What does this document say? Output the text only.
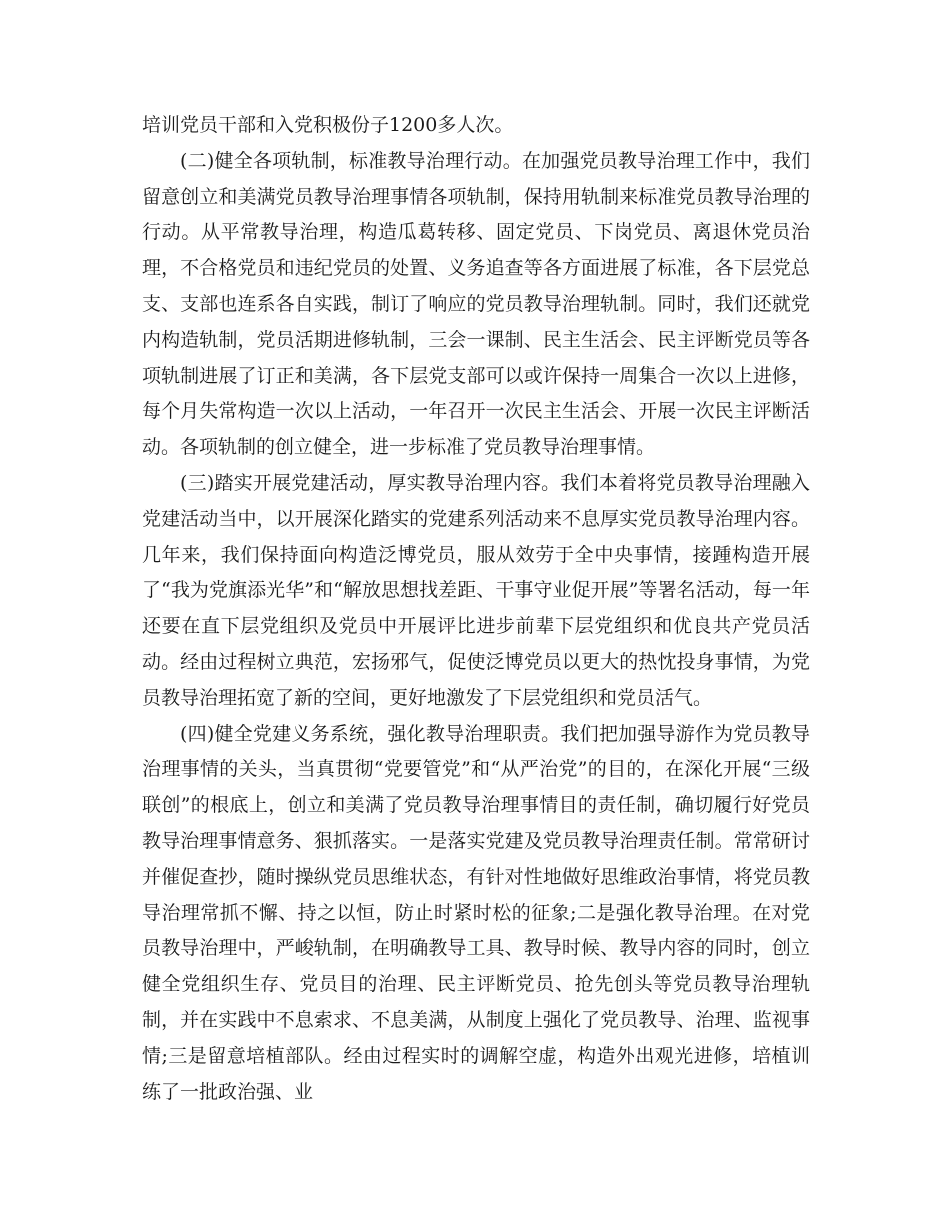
培训党员干部和入党积极份子1200多人次。

(二)健全各项轨制，标准教导治理行动。在加强党员教导治理工作中，我们留意创立和美满党员教导治理事情各项轨制，保持用轨制来标准党员教导治理的行动。从平常教导治理，构造瓜葛转移、固定党员、下岗党员、离退休党员治理，不合格党员和违纪党员的处置、义务追查等各方面进展了标准，各下层党总支、支部也连系各自实践，制订了响应的党员教导治理轨制。同时，我们还就党内构造轨制，党员活期进修轨制，三会一课制、民主生活会、民主评断党员等各项轨制进展了订正和美满，各下层党支部可以或许保持一周集合一次以上进修，每个月失常构造一次以上活动，一年召开一次民主生活会、开展一次民主评断活动。各项轨制的创立健全，进一步标准了党员教导治理事情。

(三)踏实开展党建活动，厚实教导治理内容。我们本着将党员教导治理融入党建活动当中，以开展深化踏实的党建系列活动来不息厚实党员教导治理内容。几年来，我们保持面向构造泛博党员，服从效劳于全中央事情，接踵构造开展了“我为党旗添光华”和“解放思想找差距、干事守业促开展”等署名活动，每一年还要在直下层党组织及党员中开展评比进步前辈下层党组织和优良共产党员活动。经由过程树立典范，宏扬邪气，促使泛博党员以更大的热忱投身事情，为党员教导治理拓宽了新的空间，更好地激发了下层党组织和党员活气。

(四)健全党建义务系统，强化教导治理职责。我们把加强导游作为党员教导治理事情的关头，当真贯彻“党要管党”和“从严治党”的目的，在深化开展“三级联创”的根底上，创立和美满了党员教导治理事情目的责任制，确切履行好党员教导治理事情意务、狠抓落实。一是落实党建及党员教导治理责任制。常常研讨并催促查抄，随时操纵党员思维状态，有针对性地做好思维政治事情，将党员教导治理常抓不懈、持之以恒，防止时紧时松的征象;二是强化教导治理。在对党员教导治理中，严峻轨制，在明确教导工具、教导时候、教导内容的同时，创立健全党组织生存、党员目的治理、民主评断党员、抢先创头等党员教导治理轨制，并在实践中不息索求、不息美满，从制度上强化了党员教导、治理、监视事情;三是留意培植部队。经由过程实时的调解空虚，构造外出观光进修，培植训练了一批政治强、业
